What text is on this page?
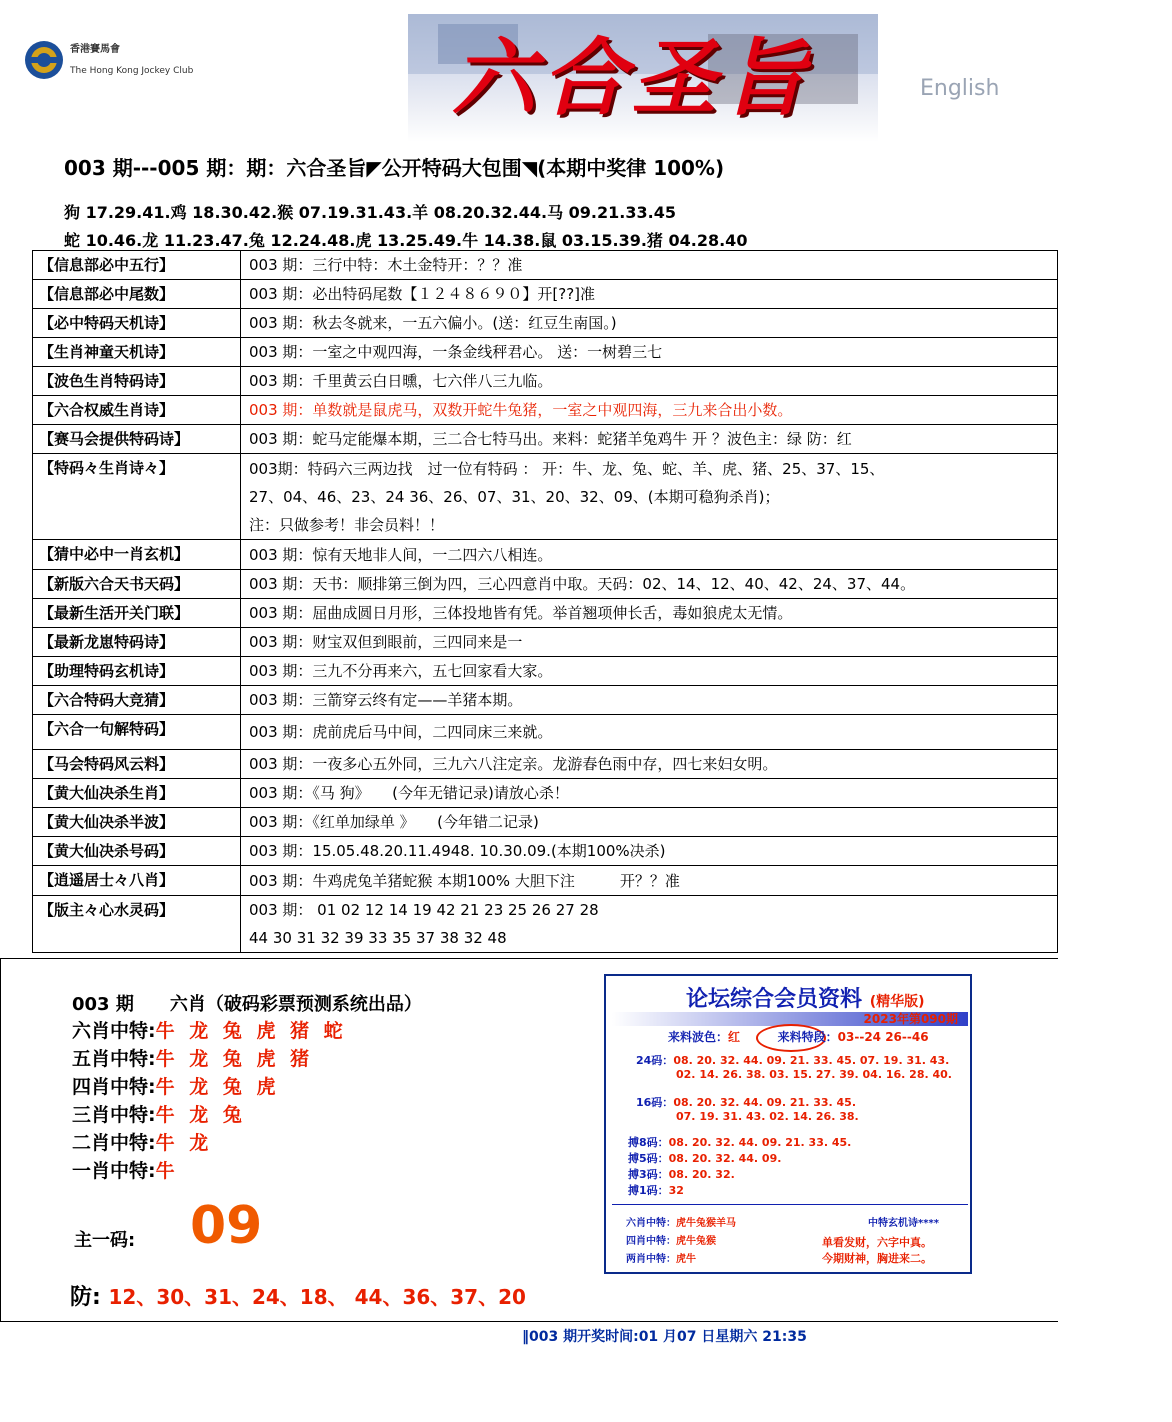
香港賽馬會
The Hong Kong Jockey Club	六合圣旨	English
003 期---005 期：期：六合圣旨◤公开特码大包围◥(本期中奖律 100%)
狗 17.29.41.鸡 18.30.42.猴 07.19.31.43.羊 08.20.32.44.马 09.21.33.45
蛇 10.46.龙 11.23.47.兔 12.24.48.虎 13.25.49.牛 14.38.鼠 03.15.39.猪 04.28.40
【信息部必中五行】	003 期：三行中特：木土金特开：？？准

【信息部必中尾数】	003 期：必出特码尾数【１２４８６９０】开[??]准

【必中特码天机诗】	003 期：秋去冬就来，一五六偏小。(送：红豆生南国。)

【生肖神童天机诗】	003 期：一室之中观四海，一条金线秤君心。 送：一树碧三七

【波色生肖特码诗】	003 期：千里黄云白日曛，七六伴八三九临。

【六合权威生肖诗】	003 期：单数就是鼠虎马，双数开蛇牛兔猪，一室之中观四海，三九来合出小数。

【赛马会提供特码诗】	003 期：蛇马定能爆本期，三二合七特马出。来料：蛇猪羊兔鸡牛 开 ？波色主：绿 防：红

【特码々生肖诗々】	003期：特码六三两边找　过一位有特码 ： 开：牛、龙、兔、蛇、羊、虎、猪、25、37、15、
27、04、46、23、24 36、26、07、31、20、32、09、(本期可稳狗杀肖)；
注：只做参考！非会员料！！

【猜中必中一肖玄机】	003 期：惊有天地非人间，一二四六八相连。

【新版六合天书天码】	003 期：天书：顺排第三倒为四，三心四意肖中取。天码：02、14、12、40、42、24、37、44。

【最新生活开关门联】	003 期：屈曲成圆日月形，三体投地皆有凭。举首翘项伸长舌，毒如狼虎太无情。

【最新龙崽特码诗】	003 期：财宝双但到眼前，三四同来是一

【助理特码玄机诗】	003 期：三九不分再来六，五七回家看大家。

【六合特码大竞猜】	003 期：三箭穿云终有定——羊猪本期。

【六合一句解特码】	003 期：虎前虎后马中间，二四同床三来就。

【马会特码风云料】	003 期：一夜多心五外同，三九六八注定亲。龙游春色雨中存，四七来妇女明。

【黄大仙决杀生肖】	003 期：《马 狗》　　(今年无错记录)请放心杀！

【黄大仙决杀半波】	003 期：《红单加绿单 》　　(今年错二记录)

【黄大仙决杀号码】	003 期：15.05.48.20.11.4948. 10.30.09.(本期100%决杀)

【逍遥居士々八肖】	003 期：牛鸡虎兔羊猪蛇猴 本期100% 大胆下注　　　开？？准

【版主々心水灵码】	003 期： 01 02 12 14 19 42 21 23 25 26 27 28
44 30 31 32 39 33 35 37 38 32 48
003 期　　六肖（破码彩票预测系统出品）
六肖中特:牛 龙 兔 虎 猪 蛇
五肖中特:牛 龙 兔 虎 猪
四肖中特:牛 龙 兔 虎
三肖中特:牛 龙 兔
二肖中特:牛 龙
一肖中特:牛
主一码: 09
防: 12、30、31、24、18、 44、36、37、20
论坛综合会员资料 (精华版)
2023年第090期
来料波色：红	来料特段：03--24 26--46
24码：08. 20. 32. 44. 09. 21. 33. 45. 07. 19. 31. 43.
02. 14. 26. 38. 03. 15. 27. 39. 04. 16. 28. 40.
16码：08. 20. 32. 44. 09. 21. 33. 45.
07. 19. 31. 43. 02. 14. 26. 38.
搏8码：08. 20. 32. 44. 09. 21. 33. 45.
搏5码：08. 20. 32. 44. 09.
搏3码：08. 20. 32.
搏1码：32
六肖中特：虎牛兔猴羊马
四肖中特：虎牛兔猴
两肖中特：虎牛
中特玄机诗****
单看发财，六字中真。
今期财神，胸进来二。
‖003 期开奖时间:01 月07 日星期六 21:35
